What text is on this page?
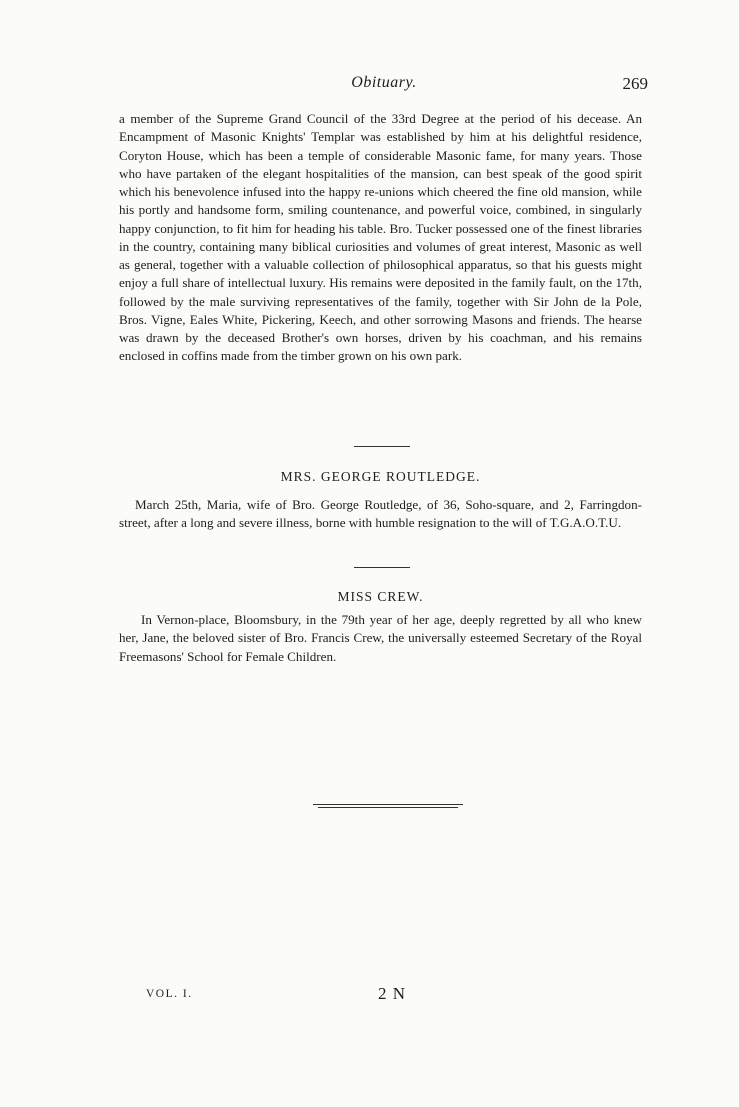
Obituary.	269

a member of the Supreme Grand Council of the 33rd Degree at the period of his decease. An Encampment of Masonic Knights' Templar was established by him at his delightful residence, Coryton House, which has been a temple of considerable Masonic fame, for many years. Those who have partaken of the elegant hospitalities of the mansion, can best speak of the good spirit which his benevolence infused into the happy re-unions which cheered the fine old mansion, while his portly and handsome form, smiling countenance, and powerful voice, combined, in singularly happy conjunction, to fit him for heading his table. Bro. Tucker possessed one of the finest libraries in the country, containing many biblical curiosities and volumes of great interest, Masonic as well as general, together with a valuable collection of philosophical apparatus, so that his guests might enjoy a full share of intellectual luxury. His remains were deposited in the family fault, on the 17th, followed by the male surviving representatives of the family, together with Sir John de la Pole, Bros. Vigne, Eales White, Pickering, Keech, and other sorrowing Masons and friends. The hearse was drawn by the deceased Brother's own horses, driven by his coachman, and his remains enclosed in coffins made from the timber grown on his own park.

MRS. GEORGE ROUTLEDGE.

March 25th, Maria, wife of Bro. George Routledge, of 36, Soho-square, and 2, Farringdon-street, after a long and severe illness, borne with humble resignation to the will of T.G.A.O.T.U.

MISS CREW.

In Vernon-place, Bloomsbury, in the 79th year of her age, deeply regretted by all who knew her, Jane, the beloved sister of Bro. Francis Crew, the universally esteemed Secretary of the Royal Freemasons' School for Female Children.

VOL. I.	2 N
